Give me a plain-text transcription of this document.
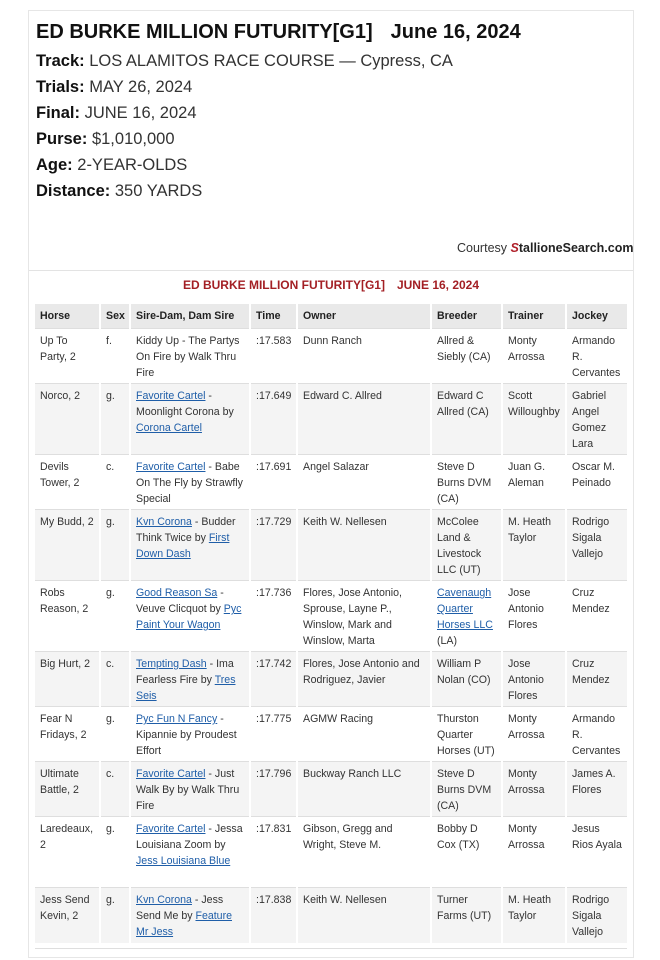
ED BURKE MILLION FUTURITY[G1] June 16, 2024
Track: LOS ALAMITOS RACE COURSE — Cypress, CA
Trials: MAY 26, 2024
Final: JUNE 16, 2024
Purse: $1,010,000
Age: 2-YEAR-OLDS
Distance: 350 YARDS
Courtesy StallioneSearch.com
ED BURKE MILLION FUTURITY[G1] JUNE 16, 2024
Horse	Sex	Sire-Dam, Dam Sire	Time	Owner	Breeder	Trainer	Jockey
Up To Party, 2	f.	Kiddy Up - The Partys On Fire by Walk Thru Fire	:17.583	Dunn Ranch	Allred & Siebly (CA)	Monty Arrossa	Armando R. Cervantes
Norco, 2	g.	Favorite Cartel - Moonlight Corona by Corona Cartel	:17.649	Edward C. Allred	Edward C Allred (CA)	Scott Willoughby	Gabriel Angel Gomez Lara
Devils Tower, 2	c.	Favorite Cartel - Babe On The Fly by Strawfly Special	:17.691	Angel Salazar	Steve D Burns DVM (CA)	Juan G. Aleman	Oscar M. Peinado
My Budd, 2	g.	Kvn Corona - Budder Think Twice by First Down Dash	:17.729	Keith W. Nellesen	McColee Land & Livestock LLC (UT)	M. Heath Taylor	Rodrigo Sigala Vallejo
Robs Reason, 2	g.	Good Reason Sa - Veuve Clicquot by Pyc Paint Your Wagon	:17.736	Flores, Jose Antonio, Sprouse, Layne P., Winslow, Mark and Winslow, Marta	Cavenaugh Quarter Horses LLC (LA)	Jose Antonio Flores	Cruz Mendez
Big Hurt, 2	c.	Tempting Dash - Ima Fearless Fire by Tres Seis	:17.742	Flores, Jose Antonio and Rodriguez, Javier	William P Nolan (CO)	Jose Antonio Flores	Cruz Mendez
Fear N Fridays, 2	g.	Pyc Fun N Fancy - Kipannie by Proudest Effort	:17.775	AGMW Racing	Thurston Quarter Horses (UT)	Monty Arrossa	Armando R. Cervantes
Ultimate Battle, 2	c.	Favorite Cartel - Just Walk By by Walk Thru Fire	:17.796	Buckway Ranch LLC	Steve D Burns DVM (CA)	Monty Arrossa	James A. Flores
Laredeaux, 2	g.	Favorite Cartel - Jessa Louisiana Zoom by Jess Louisiana Blue	:17.831	Gibson, Gregg and Wright, Steve M.	Bobby D Cox (TX)	Monty Arrossa	Jesus Rios Ayala
Jess Send Kevin, 2	g.	Kvn Corona - Jess Send Me by Feature Mr Jess	:17.838	Keith W. Nellesen	Turner Farms (UT)	M. Heath Taylor	Rodrigo Sigala Vallejo
